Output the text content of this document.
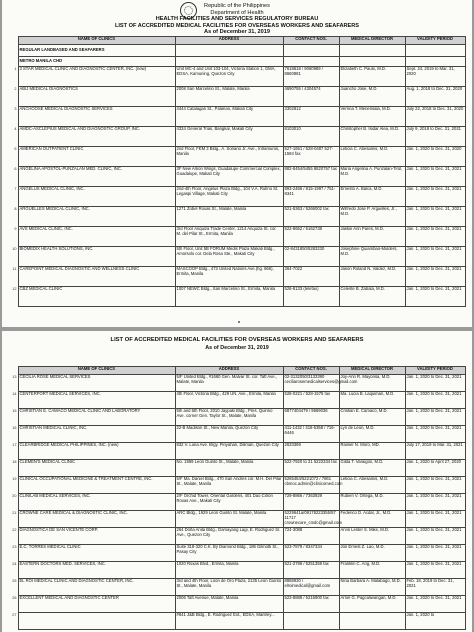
Republic of the Philippines
Department of Health
HEALTH FACILITIES AND SERVICES REGULATORY BUREAU
LIST OF ACCREDITED MEDICAL FACILITIES FOR OVERSEAS WORKERS AND SEAFARERS
As of December 31, 2019
	NAME OF CLINICS	ADDRESS	CONTACT NOS.	MEDICAL DIRECTOR	VALIDITY PERIOD
	REGULAR LANDBASED AND SEAFARERS				
	METRO MANILA CHD				
1	3 STAR MEDICAL CLINIC AND DIAGNOSTIC CENTER, INC. (new)	Unit MC-4 and Unit 103-104, Victoria Station 1, GMA, EDSA, Kamuning, Quezon City	7618618 / 9060989 / 8660881	Elizabeth C. Paulo, M.D.	Sept. 24, 2019 to Mar. 31, 2020
2	ABIJ MEDICAL DIAGNOSTICS	2008 San Marcelino St., Malate, Manila	4690755 / 4304574	Juancho Jose, M.D.	Aug. 1, 2018 to Dec. 31, 2020
3	ANCHOOSE MEDICAL DIAGNOSTIC SERVICES	4444 Catalagan St., Palanan, Makati City	3302812	Vernna T. Menensala, M.D.	July 22, 2018 to Dec. 31, 2020
4	AMDC-ASCLEPIUS MEDICAL AND DIAGNOSTIC GROUP, INC.	4334 General Trias, Bangkal, Makati City	8103010	Christopher B. Isidar Alea, M.D.	July 9, 2018 to Dec. 31, 2021
5	AMERICAN OUTPATIENT CLINIC	2nd Floor, FEM 3 Bldg., A. Soriano Jr. Ave., Intramuros, Manila	527-1651 / 528-0487 527-1594 fax	Leticia C. Abesamis, M.D.	Jan. 1, 2020 to Dec. 31, 2020
6	ANGELINA APOSTOL-PUNZALAN MED. CLINIC, INC.	3F New Arkon Wings, Guadalupe Commercial Complex, Guadalupe, Makati City	882-8454/5455 8820757 fax	Maria Angelina A. Punzalan-Tirol, M.D.	Jan. 1, 2020 to Dec. 31, 2021
7	ANGELUS MEDICAL CLINIC, INC.	2nd-4th Floor, Angelus Plaza Bldg., 104 V.A. Rufino St. Legaspi Village, Makati City	893-2466 / 815-1997 / 751-8341	Ernesto A. Balca, M.D.	Jan. 1, 2020 to Dec. 31, 2021
8	ARGUELLES MEDICAL CLINIC, INC.	1271 Zobel Roxas St., Malate, Manila	521-5363 / 5266002 fax	Wilfredo Jose P. Arguelles, Jr., M.D.	Jan. 1, 2020 to Dec. 31, 2021
9	AVS MEDICAL CLINIC, INC.	3rd Floor Anquiza Trade Center, 1214 Anquiza St. cor. M. del Pilar St., Ermita, Manila	522-8652 / 5162738	Jaskie Ann Pares, M.D.	Jan. 1, 2020 to Dec. 31, 2021
10	BIOMEDIX HEALTH SOLUTIONS, INC.	5th Floor, Unit 5B FORUM Medis Plaza Makati Bldg., Amorsolo cor. Dela Rosa Ste., Makati City	02-8431850/5283230	Josephine Quiambao-Mulders, M.D.	Jan. 1, 2020 to Dec. 31, 2021
11	CAREPOINT MEDICAL DIAGNOSTIC AND WELLNESS CLINIC	MASCOOP Bldg., 473 United Nations Ave.(hg. 666), Ermita, Manila	364-7022	Jason Roland N. Valdez, M.D.	Jan. 1, 2020 to Dec. 31, 2021
12	CBZ MEDICAL CLINIC	1007 NEWC Bldg., San Marcelino St., Ermita, Manila	526-8133 (telefax)	Celeste B. Zabala, M.D.	Jan. 1, 2020 to Dec. 31, 2021
LIST OF ACCREDITED MEDICAL FACILITIES FOR OVERSEAS WORKERS AND SEAFARERS
As of December 31, 2019
	NAME OF CLINICS	ADDRESS	CONTACT NOS.	MEDICAL DIRECTOR	VALIDITY PERIOD
13	CECILIA ROSE MEDICAL SERVICES	5/F United Bldg., #1660 Gen. Malvar St. cor. Taft Ave., Malate, Manila	02-3132050/3133390 ceciliarosemedicalservices@gmail.com	Joy-Ann R. Mayonsa, M.D.	Jan. 1, 2020 to Dec. 31, 2021
14	CENTERPORT MEDICAL SERVICES, INC.	4th Floor, Victoria Bldg., 429 UN. Ave., Ermita, Manila	528-0221 / 528-1575 fax	Ma. Lucia B. Laquiman, M.D.	Jan. 1, 2020 to Dec. 31, 2021
15	CHRISTIAN E. CAMACO MEDICAL CLINIC AND LABORATORY	5th and 6th Floor, 2010 Jaypaki Bldg., Pres. Quirino Ave. corner Gen. Taylor St., Malate, Manila	6877404479 / 9669036	Cristian E. Camaco, M.D.	Jan. 1, 2020 to Dec. 31, 2021
16	CHRISTIAN MEDICAL CLINIC, INC.	22-B Madison St., New Manila, Quezon City	411-1432 / 416-5358 / 716-6446	Lyn de Leon, M.D.	Jan. 1, 2020 to Dec. 31, 2021
17	CLEARBRIDGE MEDICAL PHILIPPINES, INC. (new)	832 V. Luna Ave. Brgy. Pinyahan, Diliman, Quezon City	2633369	Rainier N. Moro, MD.	July 17, 2019 to Mar. 31, 2021
18	CLEMEN'S MEDICAL CLINIC	No. 1969 Leon Guinto St., Malate, Manila	522-7920 to 21 5222334 fax	Gilda T. Varaigon, M.D.	Jan. 1, 2020 to April 27, 2020
19	CLINICAL OCCUPATIONAL MEDICINE & TREATMENT CENTRE, INC.	5/F Ma. Daniel Bldg., 470 San Andres cor. M.H. Del Pilar St., Malate, Manila	5265454/5221072 / 7861 cbmoc.admin@clinicomed.com	Leticia C. Abesamis, M.D.	Jan. 1, 2020 to Dec. 31, 2021
20	CLINILAB MEDICAL SERVICES, INC.	2/F Orchid Tower, Oriental Gardens, 401 Dao Citron Roxas Ave., Makati City	729-8866 / 7363929	Rubien V. Ortega, M.D.	Jan. 1, 2020 to Dec. 31, 2021
21	CROWNE CARE MEDICAL & DIAGNOSTIC CLINIC, INC.	ARC Bldg., 1929 Leon Guinto St. Malate, Manila	5229641a/09178223355/57 11717 crownecare_cmdc@gmail.com	Federico D. Acdal, Jr., M.D.	Jan. 1, 2020 to Dec. 31, 2021
22	DIAGNOSTICA DE SAN VICENTE CORP.	264 Doña Anita Bldg., Damayang Lagi, E. Rodriguez Sr. Ave., Quezon City	724-3088	Arvin Lester S. Mike, M.D.	Jan. 1, 2020 to Dec. 31, 2021
23	E.C. TORRES MEDICAL CLINIC	Suite 318-320 C.K. By Diamond Bldg., 186 Gilmotti St., Pasay City	523-7879 / 8347334	Jon Ernest Z. Lao, M.D.	Jan. 1, 2020 to Dec. 31, 2021
24	EASTERN DOCTORS MED. SERVICES, INC.	1020 Roxas Blvd., Ermita, Manila	521-2788 / 5251359 fax	Franklin C. Ang, M.D.	Jan. 1, 2020 to Dec. 31, 2021
25	EL ROI MEDICAL CLINIC AND DIAGNOSTIC CENTER, INC.	3rd and 4th Floor, Loon de Oro Plaza, 2135 Leon Guinto St., Malate, Manila	8888930 / elroimedical@gmail.com	Nina Barbara A. Malabago, M.D.	Feb. 18, 2019 to Dec. 31, 2021
26	EXCELLENT MEDICAL AND DIAGNOSTIC CENTER	2006 Taft Avenue, Malate, Manila	523-8888 / 5216900 fax	Arnel G. Pagcaliwangan, M.D.	Jan. 1, 2020 to Dec. 31, 2021
27		#641 J&B Bldg., E. Rodriguez Ext., EDSA, Mantrey...			Jan. 1, 2020 to
